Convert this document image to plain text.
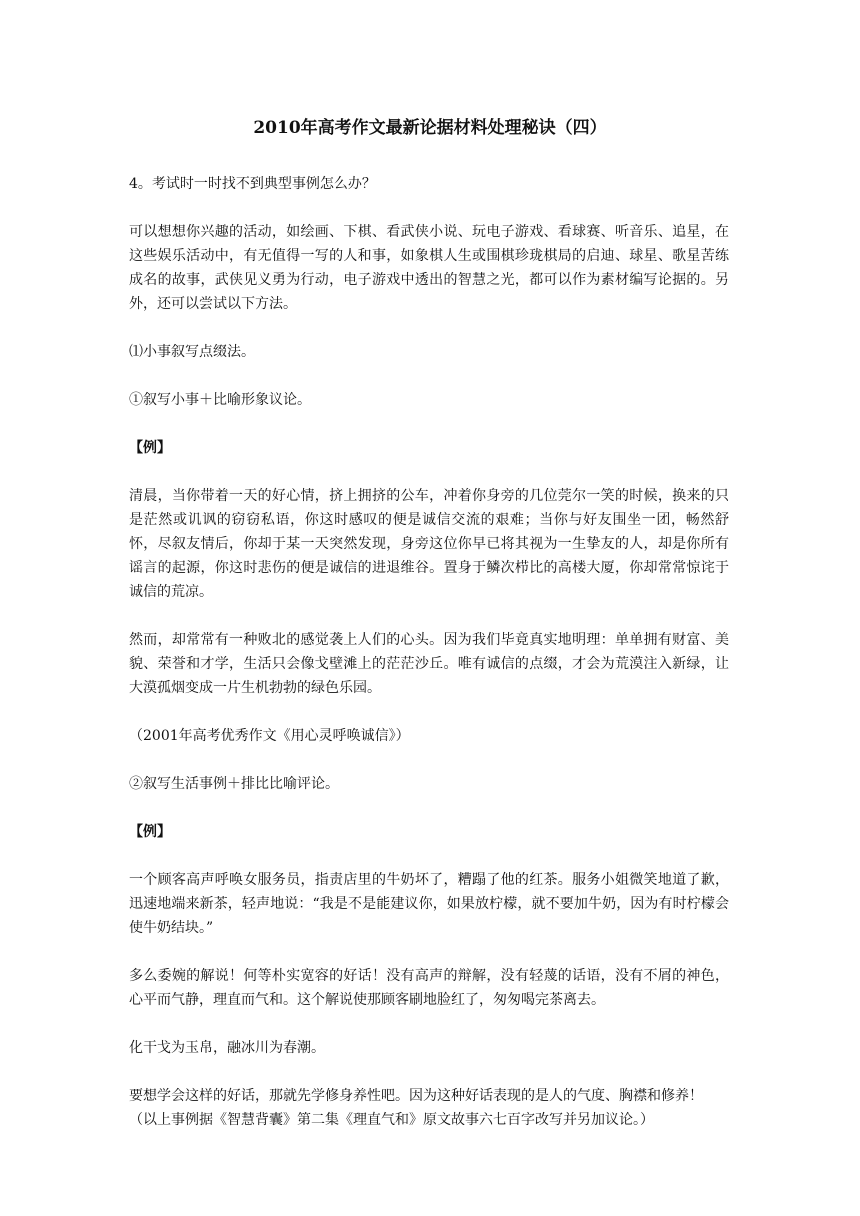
2010年高考作文最新论据材料处理秘诀（四）

4。考试时一时找不到典型事例怎么办？

可以想想你兴趣的活动，如绘画、下棋、看武侠小说、玩电子游戏、看球赛、听音乐、追星，在这些娱乐活动中，有无值得一写的人和事，如象棋人生或围棋珍珑棋局的启迪、球星、歌星苦练成名的故事，武侠见义勇为行动，电子游戏中透出的智慧之光，都可以作为素材编写论据的。另外，还可以尝试以下方法。

⑴小事叙写点缀法。

①叙写小事＋比喻形象议论。

【例】

清晨，当你带着一天的好心情，挤上拥挤的公车，冲着你身旁的几位莞尔一笑的时候，换来的只是茫然或讥讽的窃窃私语，你这时感叹的便是诚信交流的艰难；当你与好友围坐一团，畅然舒怀，尽叙友情后，你却于某一天突然发现，身旁这位你早已将其视为一生挚友的人，却是你所有谣言的起源，你这时悲伤的便是诚信的进退维谷。置身于鳞次栉比的高楼大厦，你却常常惊诧于诚信的荒凉。

然而，却常常有一种败北的感觉袭上人们的心头。因为我们毕竟真实地明理：单单拥有财富、美貌、荣誉和才学，生活只会像戈壁滩上的茫茫沙丘。唯有诚信的点缀，才会为荒漠注入新绿，让大漠孤烟变成一片生机勃勃的绿色乐园。

（2001年高考优秀作文《用心灵呼唤诚信》）

②叙写生活事例＋排比比喻评论。

【例】

一个顾客高声呼唤女服务员，指责店里的牛奶坏了，糟蹋了他的红茶。服务小姐微笑地道了歉，迅速地端来新茶，轻声地说：“我是不是能建议你，如果放柠檬，就不要加牛奶，因为有时柠檬会使牛奶结块。”

多么委婉的解说！何等朴实宽容的好话！没有高声的辩解，没有轻蔑的话语，没有不屑的神色，心平而气静，理直而气和。这个解说使那顾客刷地脸红了，匆匆喝完茶离去。

化干戈为玉帛，融冰川为春潮。

要想学会这样的好话，那就先学修身养性吧。因为这种好话表现的是人的气度、胸襟和修养！

（以上事例据《智慧背囊》第二集《理直气和》原文故事六七百字改写并另加议论。）
